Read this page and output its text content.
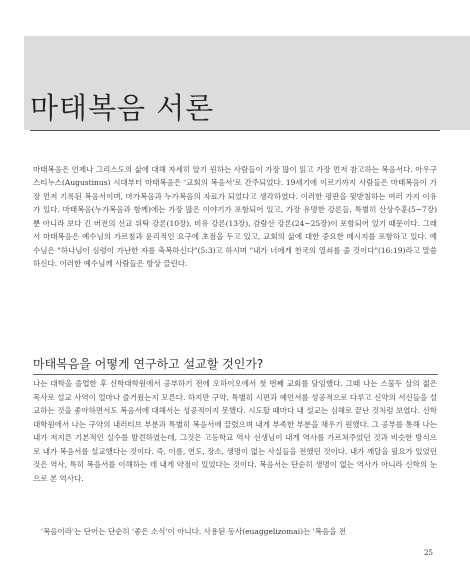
마태복음 서론

마태복음은 언제나 그리스도의 삶에 대해 자세히 알기 원하는 사람들이 가장 많이 읽고 가장 먼저 참고하는 복음서다. 아우구스티누스(Augustinus) 시대부터 마태복음은 '교회의 복음서'로 간주되었다. 19세기에 이르기까지 사람들은 마태복음이 가장 먼저 기록된 복음서이며, 마가복음과 누가복음의 자료가 되었다고 생각하였다. 이러한 평판을 뒷받침하는 여러 가지 이유가 있다. 마태복음(누가복음과 함께)에는 가장 많은 이야기가 포함되어 있고, 가장 유명한 강론들, 특별히 산상수훈(5~7장)뿐 아니라 보다 긴 버전의 선교 위탁 강론(10장), 비유 강론(13장), 감람산 강론(24~25장)이 포함되어 있기 때문이다. 그래서 마태복음은 예수님의 가르침과 윤리적인 요구에 초점을 두고 있고, 교회의 삶에 대한 중요한 메시지를 포함하고 있다. 예수님은 "하나님이 심령이 가난한 자를 축복하신다"(5:3)고 하시며 "내가 너에게 천국의 열쇠를 줄 것이다"(16:19)라고 말씀하신다. 이러한 예수님께 사람들은 항상 끌린다.

마태복음을 어떻게 연구하고 설교할 것인가?

나는 대학을 졸업한 후 신학대학원에서 공부하기 전에 오하이오에서 첫 번째 교회를 담임했다. 그때 나는 스물두 살의 젊은 목사로 설교 사역이 얼마나 즐거웠는지 모른다. 하지만 구약, 특별히 시편과 예언서를 성공적으로 다루고 신약의 서신들을 설교하는 것을 좋아하면서도 복음서에 대해서는 성공적이지 못했다. 시도할 때마다 내 설교는 심해로 끝난 것처럼 보였다. 신학대학원에서 나는 구약의 내러티브 부분과 특별히 복음서에 끌렸으며 내게 부족한 부분을 채우기 원했다. 그 공부를 통해 나는 내가 저지른 기본적인 실수를 발견하였는데, 그것은 고등학교 역사 선생님이 내게 역사를 가르쳐주었던 것과 비슷한 방식으로 내가 복음서를 설교했다는 것이다. 즉, 이름, 연도, 장소, 생명이 없는 사실들을 전했던 것이다. 내가 깨달을 필요가 있었던 것은 역사, 특히 복음서를 이해하는 데 내게 약점이 있었다는 것이다. 복음서는 단순히 생명이 없는 역사가 아니라 신학의 눈으로 본 역사다.

'복음이라'는 단어는 단순히 '좋은 소식'이 아니다. 사용된 동사(euaggelizomai)는 '복음을 전

25
